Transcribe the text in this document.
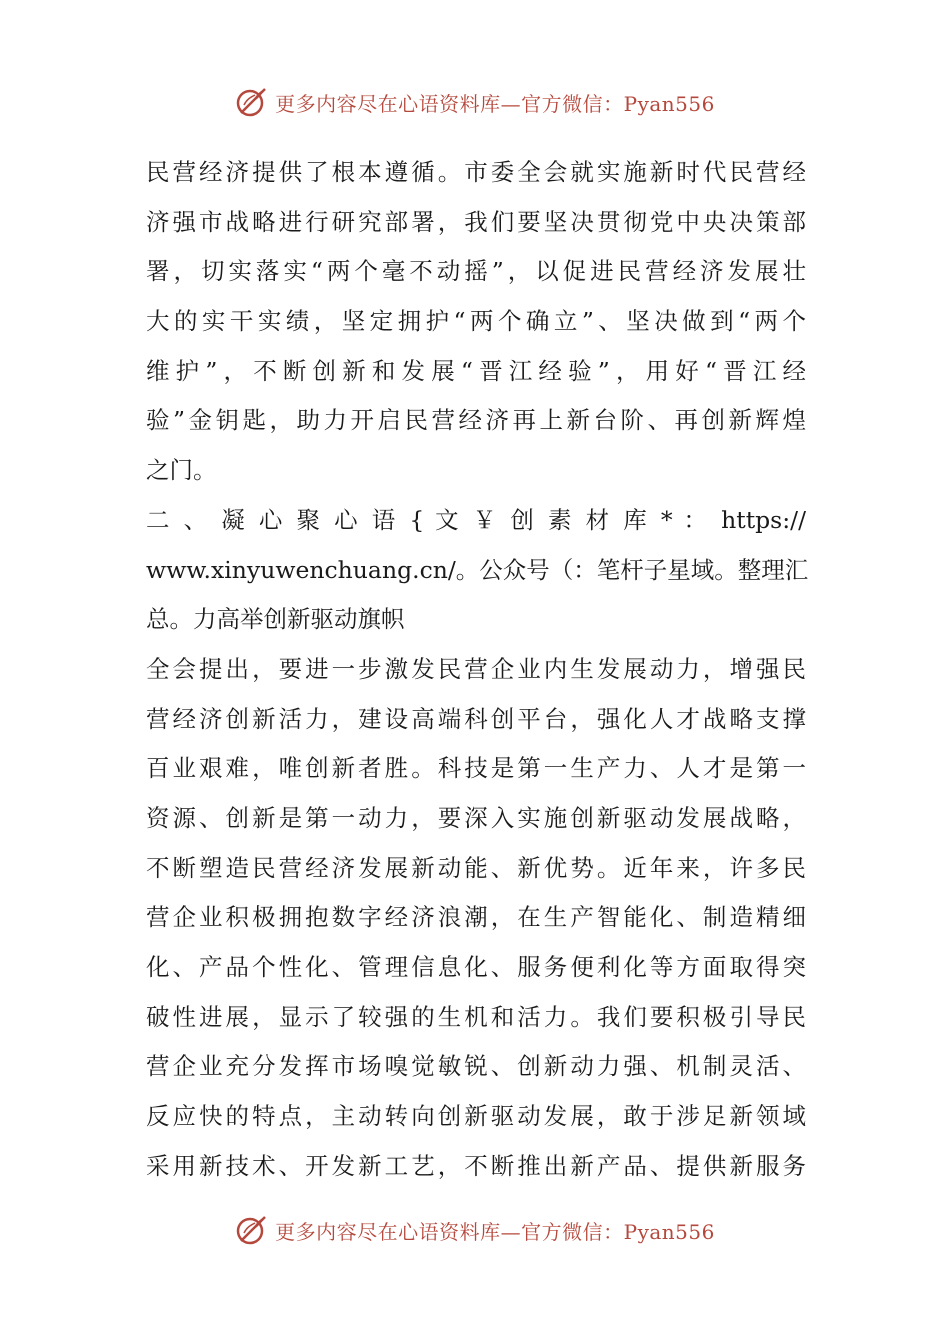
更多内容尽在心语资料库—官方微信：Pyan556
民营经济提供了根本遵循。市委全会就实施新时代民营经
济强市战略进行研究部署，我们要坚决贯彻党中央决策部
署，切实落实“两个毫不动摇”，以促进民营经济发展壮
大的实干实绩，坚定拥护“两个确立”、坚决做到“两个
维护”，不断创新和发展“晋江经验”，用好“晋江经
验”金钥匙，助力开启民营经济再上新台阶、再创新辉煌
之门。
二 、 凝 心 聚 心 语 { 文 ￥ 创 素 材 库 * ： https://
www.xinyuwenchuang.cn/。公众号（：笔杆子星域。整理汇
总。力高举创新驱动旗帜
全会提出，要进一步激发民营企业内生发展动力，增强民
营经济创新活力，建设高端科创平台，强化人才战略支撑
百业艰难，唯创新者胜。科技是第一生产力、人才是第一
资源、创新是第一动力，要深入实施创新驱动发展战略，
不断塑造民营经济发展新动能、新优势。近年来，许多民
营企业积极拥抱数字经济浪潮，在生产智能化、制造精细
化、产品个性化、管理信息化、服务便利化等方面取得突
破性进展，显示了较强的生机和活力。我们要积极引导民
营企业充分发挥市场嗅觉敏锐、创新动力强、机制灵活、
反应快的特点，主动转向创新驱动发展，敢于涉足新领域
采用新技术、开发新工艺，不断推出新产品、提供新服务
更多内容尽在心语资料库—官方微信：Pyan556
